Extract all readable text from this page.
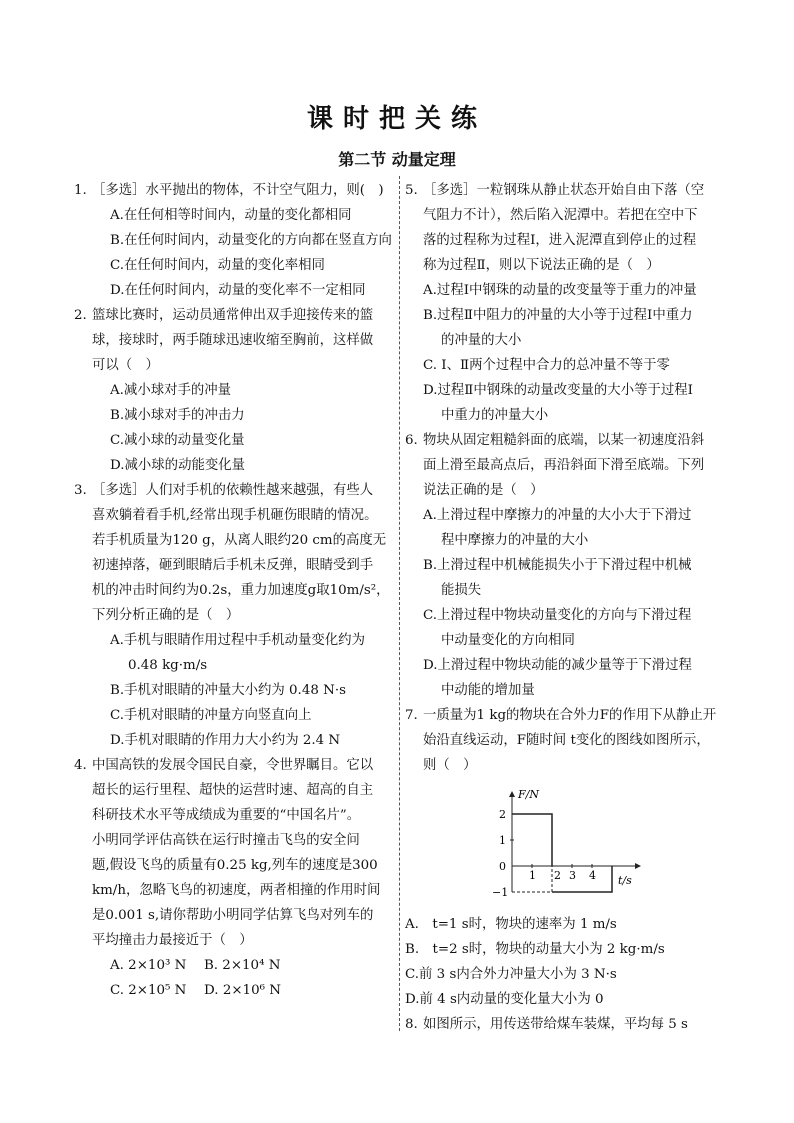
课时把关练
第二节 动量定理
1. ［多选］水平抛出的物体，不计空气阻力，则(　)
A.在任何相等时间内，动量的变化都相同
B.在任何时间内，动量变化的方向都在竖直方向
C.在任何时间内，动量的变化率相同
D.在任何时间内，动量的变化率不一定相同
2. 篮球比赛时，运动员通常伸出双手迎接传来的篮
球，接球时，两手随球迅速收缩至胸前，这样做
可以（　）
A.减小球对手的冲量
B.减小球对手的冲击力
C.减小球的动量变化量
D.减小球的动能变化量
3. ［多选］人们对手机的依赖性越来越强，有些人
喜欢躺着看手机,经常出现手机砸伤眼睛的情况。
若手机质量为120 g，从离人眼约20 cm的高度无
初速掉落，砸到眼睛后手机未反弹，眼睛受到手
机的冲击时间约为0.2s，重力加速度g取10m/s²，
下列分析正确的是（　）
A.手机与眼睛作用过程中手机动量变化约为
0.48 kg·m/s
B.手机对眼睛的冲量大小约为 0.48 N·s
C.手机对眼睛的冲量方向竖直向上
D.手机对眼睛的作用力大小约为 2.4 N
4. 中国高铁的发展令国民自豪，令世界瞩目。它以
超长的运行里程、超快的运营时速、超高的自主
科研技术水平等成绩成为重要的“中国名片”。
小明同学评估高铁在运行时撞击飞鸟的安全问
题,假设飞鸟的质量有0.25 kg,列车的速度是300
km/h，忽略飞鸟的初速度，两者相撞的作用时间
是0.001 s,请你帮助小明同学估算飞鸟对列车的
平均撞击力最接近于（　）
A. 2×10³ N　 B. 2×10⁴ N
C. 2×10⁵ N　 D. 2×10⁶ N
5. ［多选］一粒钢珠从静止状态开始自由下落（空
气阻力不计），然后陷入泥潭中。若把在空中下
落的过程称为过程Ⅰ，进入泥潭直到停止的过程
称为过程Ⅱ，则以下说法正确的是（　）
A.过程Ⅰ中钢珠的动量的改变量等于重力的冲量
B.过程Ⅱ中阻力的冲量的大小等于过程Ⅰ中重力
的冲量的大小
C. Ⅰ、Ⅱ两个过程中合力的总冲量不等于零
D.过程Ⅱ中钢珠的动量改变量的大小等于过程Ⅰ
中重力的冲量大小
6. 物块从固定粗糙斜面的底端，以某一初速度沿斜
面上滑至最高点后，再沿斜面下滑至底端。下列
说法正确的是（　）
A.上滑过程中摩擦力的冲量的大小大于下滑过
程中摩擦力的冲量的大小
B.上滑过程中机械能损失小于下滑过程中机械
能损失
C.上滑过程中物块动量变化的方向与下滑过程
中动量变化的方向相同
D.上滑过程中物块动能的减少量等于下滑过程
中动能的增加量
7. 一质量为1 kg的物块在合外力F的作用下从静止开
始沿直线运动，F随时间 t变化的图线如图所示，
则（　）
F/N
t/s
2
1
0
−1
1 2 3 4
A.　t=1 s时，物块的速率为 1 m/s
B.　t=2 s时，物块的动量大小为 2 kg·m/s
C.前 3 s内合外力冲量大小为 3 N·s
D.前 4 s内动量的变化量大小为 0
8. 如图所示，用传送带给煤车装煤，平均每 5 s
